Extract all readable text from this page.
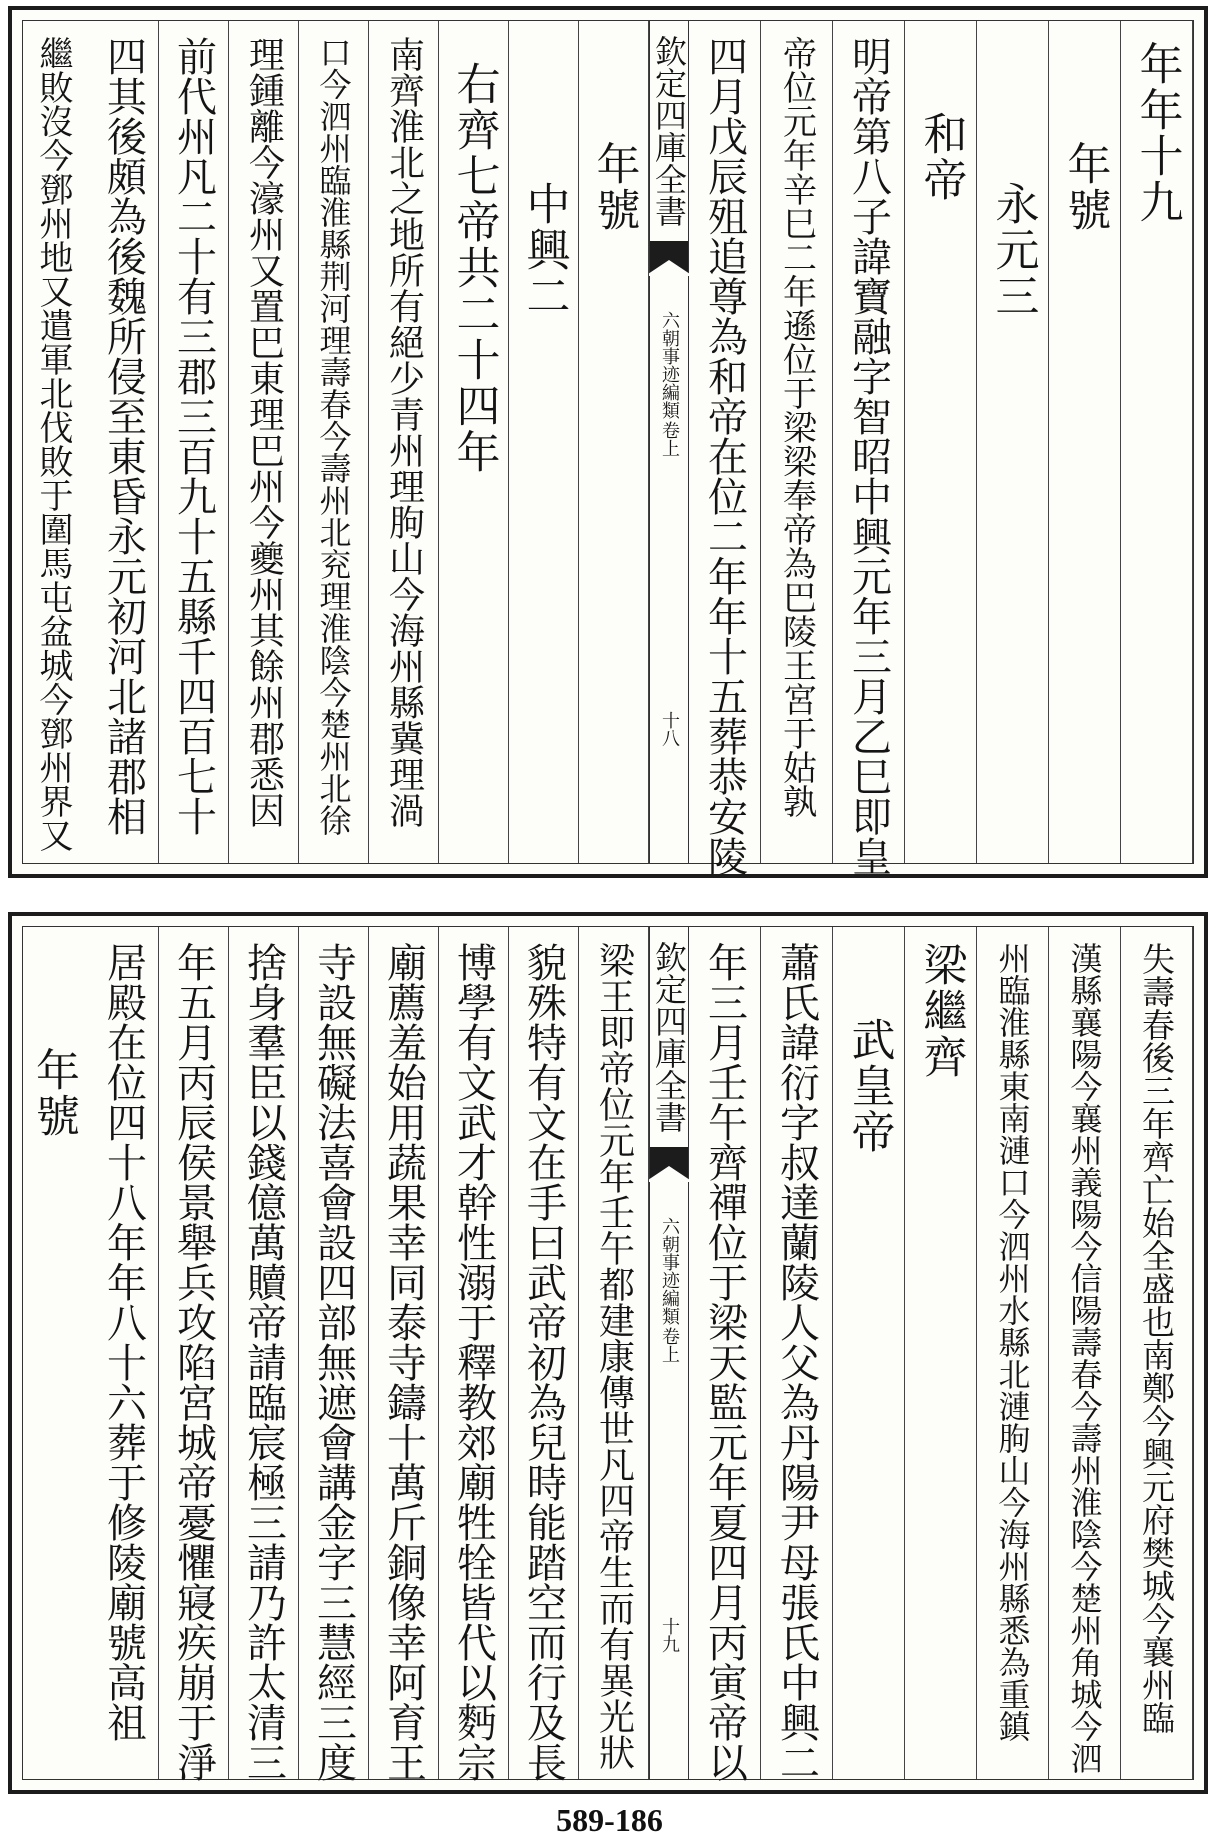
年年十九
年號
永元三
和帝
明帝第八子諱寶融字智昭中興元年三月乙巳即皇
帝位元年辛巳二年遜位于梁梁奉帝為巴陵王宮于姑孰
四月戊辰殂追尊為和帝在位二年年十五葬恭安陵
欽定四庫全書
六朝事迹編類
卷上
十八
年號
中興二
右齊七帝共二十四年
南齊淮北之地所有絕少青州理朐山今海州縣冀理渦
口今泗州臨淮縣荆河理壽春今壽州北兖理淮陰今楚州北徐
理鍾離今濠州又置巴東理巴州今夔州其餘州郡悉因
前代州凡二十有三郡三百九十五縣千四百七十
四其後頗為後魏所侵至東昏永元初河北諸郡相
繼敗沒今鄧州地又遣軍北伐敗于圍馬屯盆城今鄧州界又
失壽春後三年齊亡始全盛也南鄭今興元府樊城今襄州臨
漢縣襄陽今襄州義陽今信陽壽春今壽州淮陰今楚州角城今泗
州臨淮縣東南漣口今泗州水縣北漣朐山今海州縣悉為重鎮
梁繼齊
武皇帝
蕭氏諱衍字叔達蘭陵人父為丹陽尹母張氏中興二
年三月壬午齊禪位于梁天監元年夏四月丙寅帝以
欽定四庫全書
六朝事迹編類
卷上
十九
梁王即帝位元年壬午都建康傳世凡四帝生而有異光狀
貌殊特有文在手曰武帝初為兒時能踏空而行及長
博學有文武才幹性溺于釋教郊廟牲牷皆代以麪宗
廟薦羞始用蔬果幸同泰寺鑄十萬斤銅像幸阿育王
寺設無礙法喜會設四部無遮會講金字三慧經三度
捨身羣臣以錢億萬贖帝請臨宸極三請乃許太清三
年五月丙辰侯景舉兵攻陷宮城帝憂懼寢疾崩于淨
居殿在位四十八年年八十六葬于修陵廟號高祖
年號
589-186
